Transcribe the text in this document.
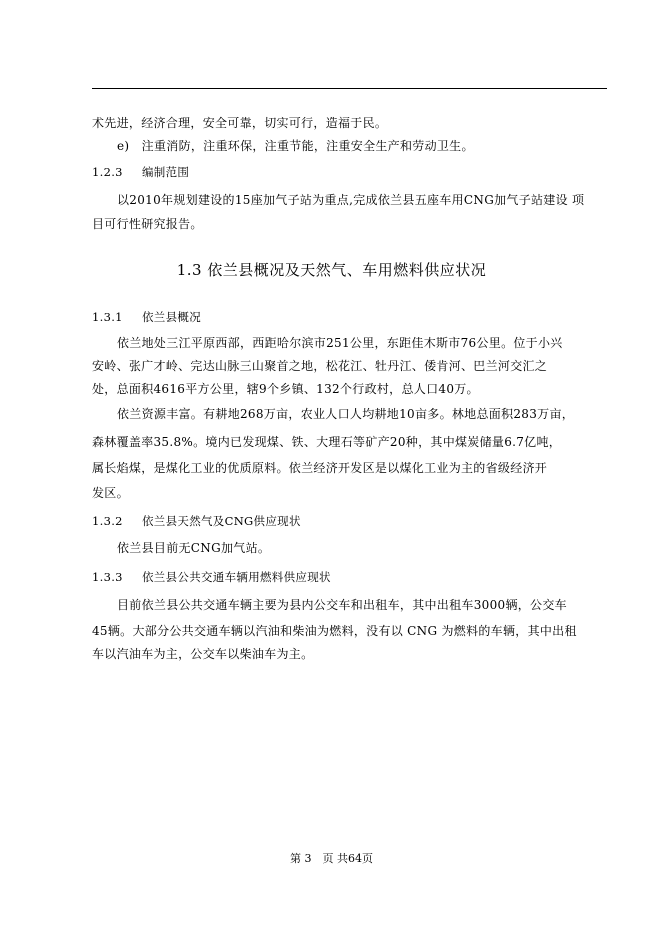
术先进，经济合理，安全可靠，切实可行，造福于民。
e)　注重消防，注重环保，注重节能，注重安全生产和劳动卫生。
1.2.3 编制范围
以2010年规划建设的15座加气子站为重点,完成依兰县五座车用CNG加气子站建设 项
目可行性研究报告。
1.3 依兰县概况及天然气、车用燃料供应状况
1.3.1 依兰县概况
依兰地处三江平原西部，西距哈尔滨市251公里，东距佳木斯市76公里。位于小兴
安岭、张广才岭、完达山脉三山聚首之地，松花江、牡丹江、倭肯河、巴兰河交汇之
处，总面积4616平方公里，辖9个乡镇、132个行政村，总人口40万。
依兰资源丰富。有耕地268万亩，农业人口人均耕地10亩多。林地总面积283万亩，
森林覆盖率35.8%。境内已发现煤、铁、大理石等矿产20种，其中煤炭储量6.7亿吨，
属长焰煤，是煤化工业的优质原料。依兰经济开发区是以煤化工业为主的省级经济开
发区。
1.3.2 依兰县天然气及CNG供应现状
依兰县目前无CNG加气站。
1.3.3 依兰县公共交通车辆用燃料供应现状
目前依兰县公共交通车辆主要为县内公交车和出租车，其中出租车3000辆，公交车
45辆。大部分公共交通车辆以汽油和柴油为燃料，没有以 CNG 为燃料的车辆，其中出租
车以汽油车为主，公交车以柴油车为主。
第 3　页 共64页
